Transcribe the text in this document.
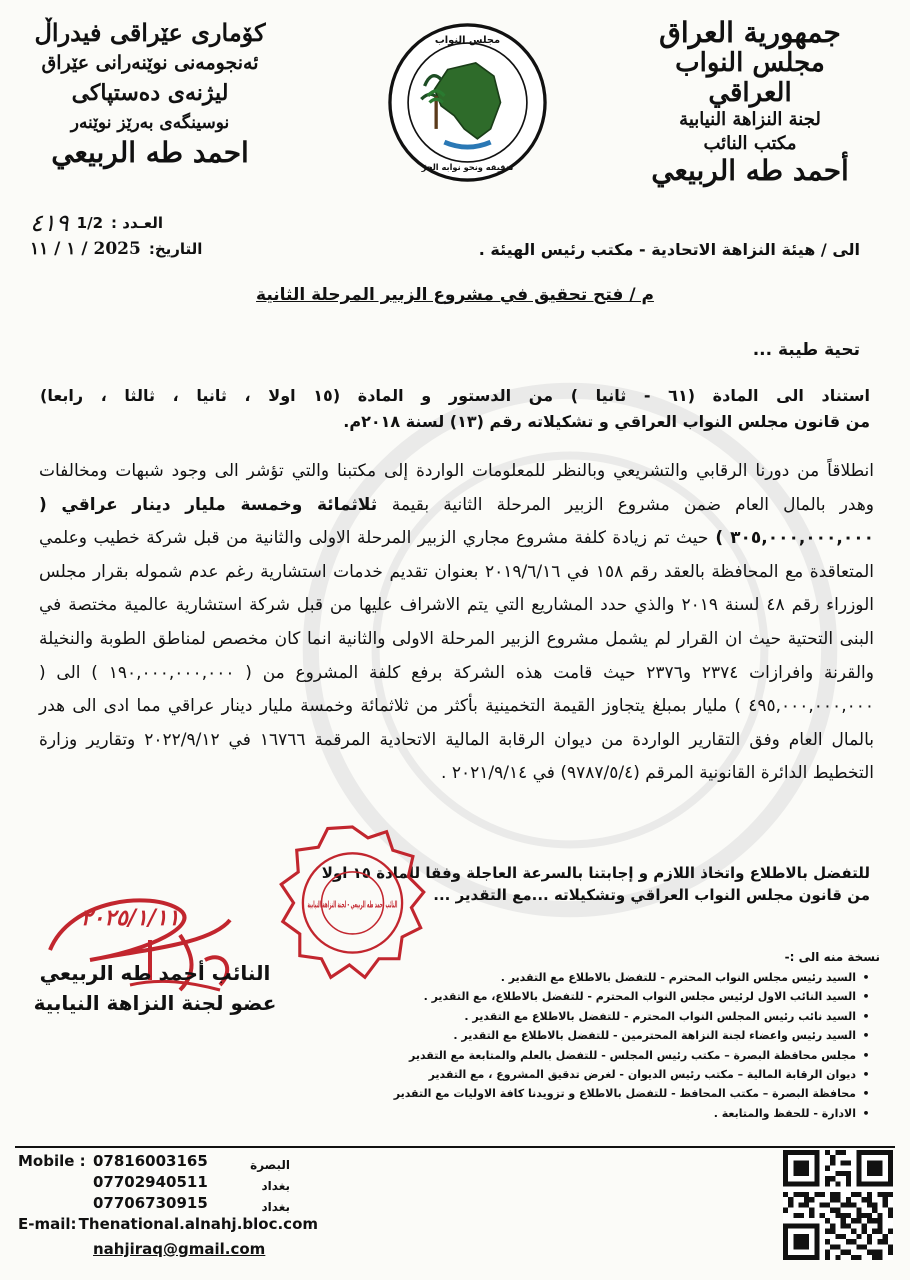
جمهورية العراق
مجلس النواب العراقي
لجنة النزاهة النيابية
مكتب النائب
أحمد طه الربيعي
كۆماری عێراقی فیدراڵ
ئەنجومەنی نوێنەرانی عێراق
لیژنەی دەستپاکی
نوسینگەی بەرێز نوێنەر
احمد طه الربيعي
مجلس النواب
تدقيقه ونحو نوابه الحرّ
العـدد :
1/2
٤١٩
التاريخ:
2025 / ١ / ١١	الى / هيئة النزاهة الاتحادية - مكتب رئيس الهيئة .
م / فتح تحقيق في مشروع الزبير المرحلة الثانية
تحية طيبة ...
استناد الى المادة (٦١ - ثانيا ) من الدستور و المادة (١٥ اولا ، ثانيا ، ثالثا ، رابعا)
من قانون مجلس النواب العراقي و تشكيلاته رقم (١٣) لسنة ٢٠١٨م.
انطلاقاً من دورنا الرقابي والتشريعي وبالنظر للمعلومات الواردة إلى مكتبنا والتي تؤشر الى وجود شبهات ومخالفات وهدر بالمال العام ضمن مشروع الزبير المرحلة الثانية بقيمة ثلاثمائة وخمسة مليار دينار عراقي ( ٣٠٥,٠٠٠,٠٠٠,٠٠٠ ) حيث تم زيادة كلفة مشروع مجاري الزبير المرحلة الاولى والثانية من قبل شركة خطيب وعلمي المتعاقدة مع المحافظة بالعقد رقم ١٥٨ في ٢٠١٩/٦/١٦ بعنوان تقديم خدمات استشارية رغم عدم شموله بقرار مجلس الوزراء رقم ٤٨ لسنة ٢٠١٩ والذي حدد المشاريع التي يتم الاشراف عليها من قبل شركة استشارية عالمية مختصة في البنى التحتية حيث ان القرار لم يشمل مشروع الزبير المرحلة الاولى والثانية انما كان مخصص لمناطق الطوبة والنخيلة والقرنة وافرازات ٢٣٧٤ و٢٣٧٦ حيث قامت هذه الشركة برفع كلفة المشروع من ( ١٩٠,٠٠٠,٠٠٠,٠٠٠ ) الى ( ٤٩٥,٠٠٠,٠٠٠,٠٠٠ ) مليار بمبلغ يتجاوز القيمة التخمينية بأكثر من ثلاثمائة وخمسة مليار دينار عراقي مما ادى الى هدر بالمال العام وفق التقارير الواردة من ديوان الرقابة المالية الاتحادية المرقمة ١٦٧٦٦ في ٢٠٢٢/٩/١٢ وتقارير وزارة التخطيط الدائرة القانونية المرقم (٩٧٨٧/٥/٤) في ٢٠٢١/٩/١٤ .
للتفضل بالاطلاع واتخاذ اللازم و إجابتنا بالسرعة العاجلة وفقا للمادة ١٥ اولا
من قانون مجلس النواب العراقي وتشكيلاته ...مع التقدير ...
النائب أحمد طه الربيعي - لجنة النزاهة النيابية
٢٠٢٥/١/١١
النائب أحمد طه الربيعي
عضو لجنة النزاهة النيابية
نسخة منه الى :-
•
السيد رئيس مجلس النواب المحترم - للتفضل بالاطلاع مع التقدير .
•
السيد النائب الاول لرئيس مجلس النواب المحترم - للتفضل بالاطلاع، مع التقدير .
•
السيد نائب رئيس المجلس النواب المحترم - للتفضل بالاطلاع مع التقدير .
•
السيد رئيس واعضاء لجنة النزاهة المحترمين - للتفضل بالاطلاع مع التقدير .
•
مجلس محافظة البصرة – مكتب رئيس المجلس - للتفضل بالعلم والمتابعة مع التقدير
•
ديوان الرقابة المالية – مكتب رئيس الديوان - لغرض تدقيق المشروع ، مع التقدير
•
محافظة البصرة – مكتب المحافظ - للتفضل بالاطلاع و تزويدنا كافة الاوليات مع التقدير
•
الادارة - للحفظ والمتابعة .
Mobile : 07816003165
07702940511
07706730915
E-mail: Thenational.alnahj.bloc.com
nahjiraq@gmail.com
البصرة
بغداد
بغداد
